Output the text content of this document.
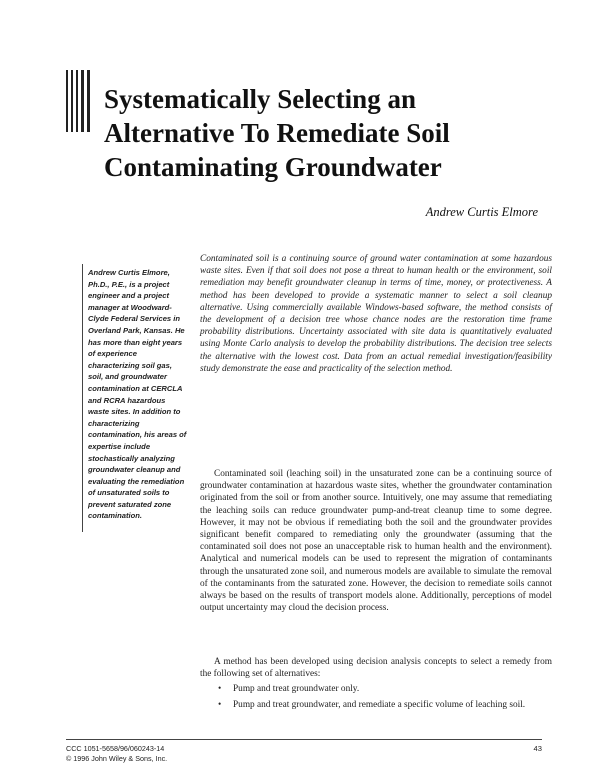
Systematically Selecting an
Alternative To Remediate Soil
Contaminating Groundwater
Andrew Curtis Elmore

Andrew Curtis Elmore, Ph.D., P.E., is a project engineer and a project manager at Woodward-Clyde Federal Services in Overland Park, Kansas. He has more than eight years of experience characterizing soil gas, soil, and groundwater contamination at CERCLA and RCRA hazardous waste sites. In addition to characterizing contamination, his areas of expertise include stochastically analyzing groundwater cleanup and evaluating the remediation of unsaturated soils to prevent saturated zone contamination.

Contaminated soil is a continuing source of ground water contamination at some hazardous waste sites. Even if that soil does not pose a threat to human health or the environment, soil remediation may benefit groundwater cleanup in terms of time, money, or protectiveness. A method has been developed to provide a systematic manner to select a soil cleanup alternative. Using commercially available Windows-based software, the method consists of the development of a decision tree whose chance nodes are the restoration time frame probability distributions. Uncertainty associated with site data is quantitatively evaluated using Monte Carlo analysis to develop the probability distributions. The decision tree selects the alternative with the lowest cost. Data from an actual remedial investigation/feasibility study demonstrate the ease and practicality of the selection method.

Contaminated soil (leaching soil) in the unsaturated zone can be a continuing source of groundwater contamination at hazardous waste sites, whether the groundwater contamination originated from the soil or from another source. Intuitively, one may assume that remediating the leaching soils can reduce groundwater pump-and-treat cleanup time to some degree. However, it may not be obvious if remediating both the soil and the groundwater provides significant benefit compared to remediating only the groundwater (assuming that the contaminated soil does not pose an unacceptable risk to human health and the environment). Analytical and numerical models can be used to represent the migration of contaminants through the unsaturated zone soil, and numerous models are available to simulate the removal of the contaminants from the saturated zone. However, the decision to remediate soils cannot always be based on the results of transport models alone. Additionally, perceptions of model output uncertainty may cloud the decision process.

A method has been developed using decision analysis concepts to select a remedy from the following set of alternatives:

• Pump and treat groundwater only.
• Pump and treat groundwater, and remediate a specific volume of leaching soil.
CCC 1051-5658/96/060243-14
© 1996 John Wiley & Sons, Inc.
43
